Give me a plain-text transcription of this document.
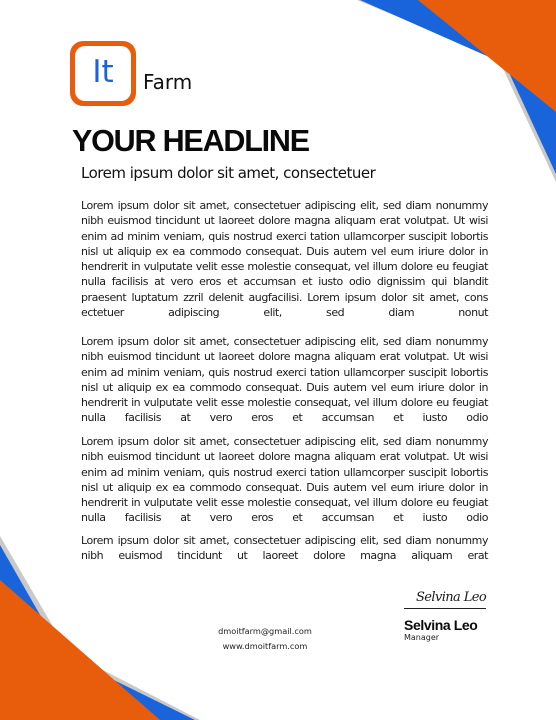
It	Farm
YOUR HEADLINE
Lorem ipsum dolor sit amet, consectetuer
Lorem ipsum dolor sit amet, consectetuer adipiscing elit, sed diam nonummy nibh euismod tincidunt ut laoreet dolore magna aliquam erat volutpat. Ut wisi enim ad minim veniam, quis nostrud exerci tation ullamcorper suscipit lobortis nisl ut aliquip ex ea commodo consequat. Duis autem vel eum iriure dolor in hendrerit in vulputate velit esse molestie consequat, vel illum dolore eu feugiat nulla facilisis at vero eros et accumsan et iusto odio dignissim qui blandit praesent luptatum zzril delenit augfacilisi. Lorem ipsum dolor sit amet, cons ectetuer adipiscing elit, sed diam nonut
Lorem ipsum dolor sit amet, consectetuer adipiscing elit, sed diam nonummy nibh euismod tincidunt ut laoreet dolore magna aliquam erat volutpat. Ut wisi enim ad minim veniam, quis nostrud exerci tation ullamcorper suscipit lobortis nisl ut aliquip ex ea commodo consequat. Duis autem vel eum iriure dolor in hendrerit in vulputate velit esse molestie consequat, vel illum dolore eu feugiat nulla facilisis at vero eros et accumsan et iusto odio
Lorem ipsum dolor sit amet, consectetuer adipiscing elit, sed diam nonummy nibh euismod tincidunt ut laoreet dolore magna aliquam erat volutpat. Ut wisi enim ad minim veniam, quis nostrud exerci tation ullamcorper suscipit lobortis nisl ut aliquip ex ea commodo consequat. Duis autem vel eum iriure dolor in hendrerit in vulputate velit esse molestie consequat, vel illum dolore eu feugiat nulla facilisis at vero eros et accumsan et iusto odio
Lorem ipsum dolor sit amet, consectetuer adipiscing elit, sed diam nonummy nibh euismod tincidunt ut laoreet dolore magna aliquam erat
dmoitfarm@gmail.com
www.dmoitfarm.com
Selvina Leo
Selvina Leo
Manager
